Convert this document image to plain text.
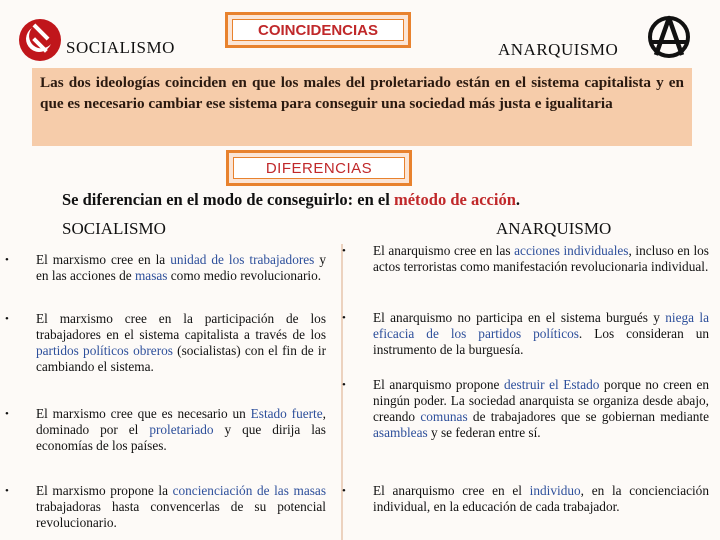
SOCIALISMO
COINCIDENCIAS
ANARQUISMO
Las dos ideologías coinciden en que los males del proletariado están en el sistema capitalista y en que es necesario cambiar ese sistema para conseguir una sociedad más justa e igualitaria
DIFERENCIAS
Se diferencian en el modo de conseguirlo: en el método de acción.
SOCIALISMO	ANARQUISMO
• El marxismo cree en la unidad de los trabajadores y en las acciones de masas como medio revolucionario.
• El marxismo cree en la participación de los trabajadores en el sistema capitalista a través de los partidos políticos obreros (socialistas) con el fin de ir cambiando el sistema.
• El marxismo cree que es necesario un Estado fuerte, dominado por el proletariado y que dirija las economías de los países.
• El marxismo propone la concienciación de las masas trabajadoras hasta convencerlas de su potencial revolucionario.
• El anarquismo cree en las acciones individuales, incluso en los actos terroristas como manifestación revolucionaria individual.
• El anarquismo no participa en el sistema burgués y niega la eficacia de los partidos políticos. Los consideran un instrumento de la burguesía.
• El anarquismo propone destruir el Estado porque no creen en ningún poder. La sociedad anarquista se organiza desde abajo, creando comunas de trabajadores que se gobiernan mediante asambleas y se federan entre sí.
• El anarquismo cree en el individuo, en la concienciación individual, en la educación de cada trabajador.
